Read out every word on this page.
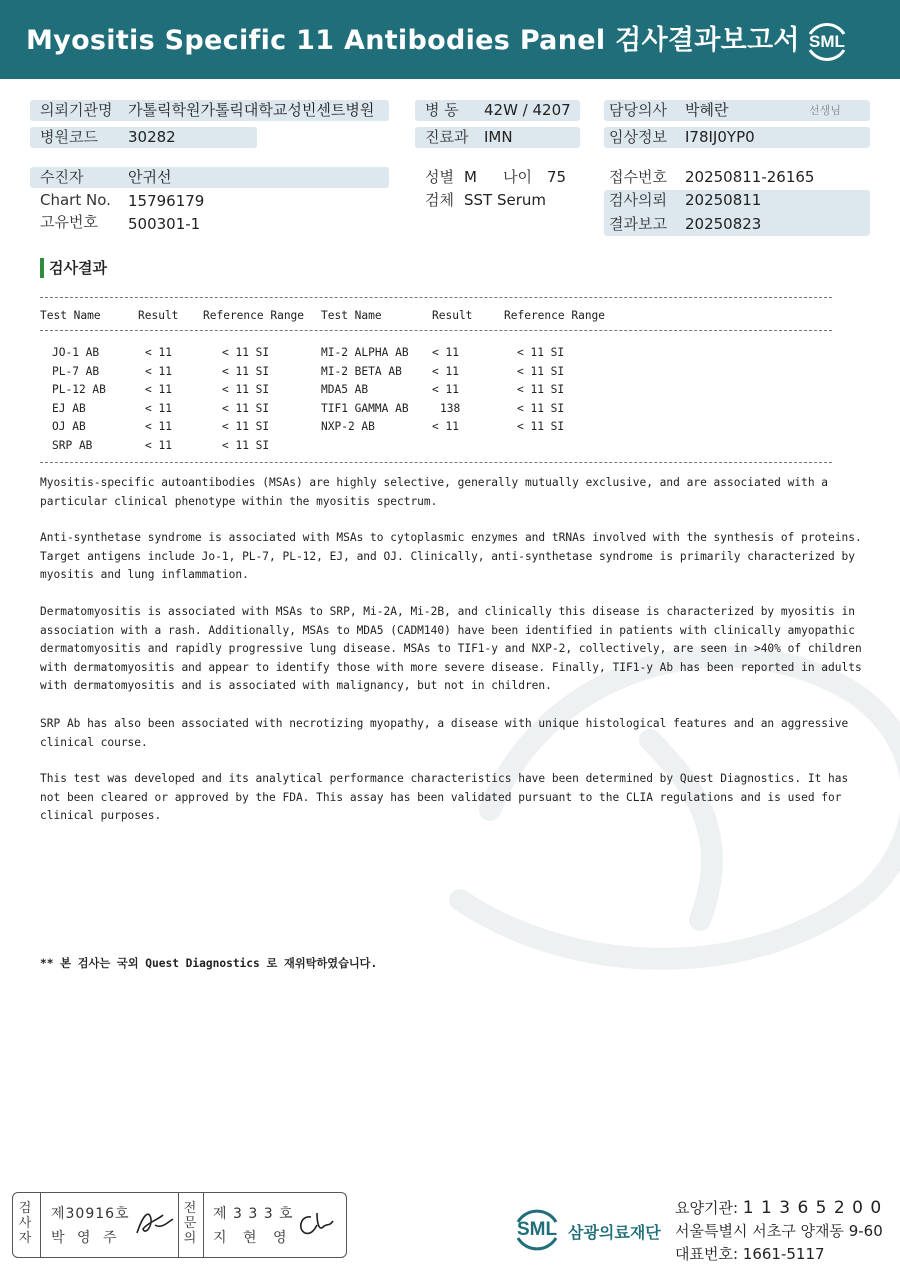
Myositis Specific 11 Antibodies Panel 검사결과보고서 SML
의뢰기관명 가톨릭학원가톨릭대학교성빈센트병원
병원코드 30282
병 동 42W / 4207
진료과 IMN
담당의사 박혜란	선생님
임상정보 I78IJ0YP0
수진자	안귀선
Chart No. 15796179
고유번호 500301-1
성별 M 나이 75
검체 SST Serum
접수번호 20250811-26165
검사의뢰 20250811
결과보고 20250823
검사결과
Test Name	Result Reference Range Test Name	Result	Reference Range
JO-1 AB	< 11	< 11 SI
PL-7 AB	< 11	< 11 SI
PL-12 AB	< 11	< 11 SI
EJ AB	< 11	< 11 SI
OJ AB	< 11	< 11 SI
SRP AB	< 11	< 11 SI
MI-2 ALPHA AB < 11	< 11 SI
MI-2 BETA AB	< 11	< 11 SI
MDA5 AB	< 11	< 11 SI
TIF1 GAMMA AB	138	< 11 SI
NXP-2 AB	< 11	< 11 SI
Myositis-specific autoantibodies (MSAs) are highly selective, generally mutually exclusive, and are associated with a
particular clinical phenotype within the myositis spectrum.
Anti-synthetase syndrome is associated with MSAs to cytoplasmic enzymes and tRNAs involved with the synthesis of proteins.
Target antigens include Jo-1, PL-7, PL-12, EJ, and OJ. Clinically, anti-synthetase syndrome is primarily characterized by
myositis and lung inflammation.
Dermatomyositis is associated with MSAs to SRP, Mi-2A, Mi-2B, and clinically this disease is characterized by myositis in
association with a rash. Additionally, MSAs to MDA5 (CADM140) have been identified in patients with clinically amyopathic
dermatomyositis and rapidly progressive lung disease. MSAs to TIF1-y and NXP-2, collectively, are seen in >40% of children
with dermatomyositis and appear to identify those with more severe disease. Finally, TIF1-y Ab has been reported in adults
with dermatomyositis and is associated with malignancy, but not in children.
SRP Ab has also been associated with necrotizing myopathy, a disease with unique histological features and an aggressive
clinical course.
This test was developed and its analytical performance characteristics have been determined by Quest Diagnostics. It has
not been cleared or approved by the FDA. This assay has been validated pursuant to the CLIA regulations and is used for
clinical purposes.
** 본 검사는 국외 Quest Diagnostics 로 재위탁하였습니다.
검
사
자
제30916호
박 영 주
전
문
의
제 3 3 3 호
지 현 영	SML 삼광의료재단
요양기관: 1 1 3 6 5 2 0 0
서울특별시 서초구 양재동 9-60
대표번호: 1661-5117
